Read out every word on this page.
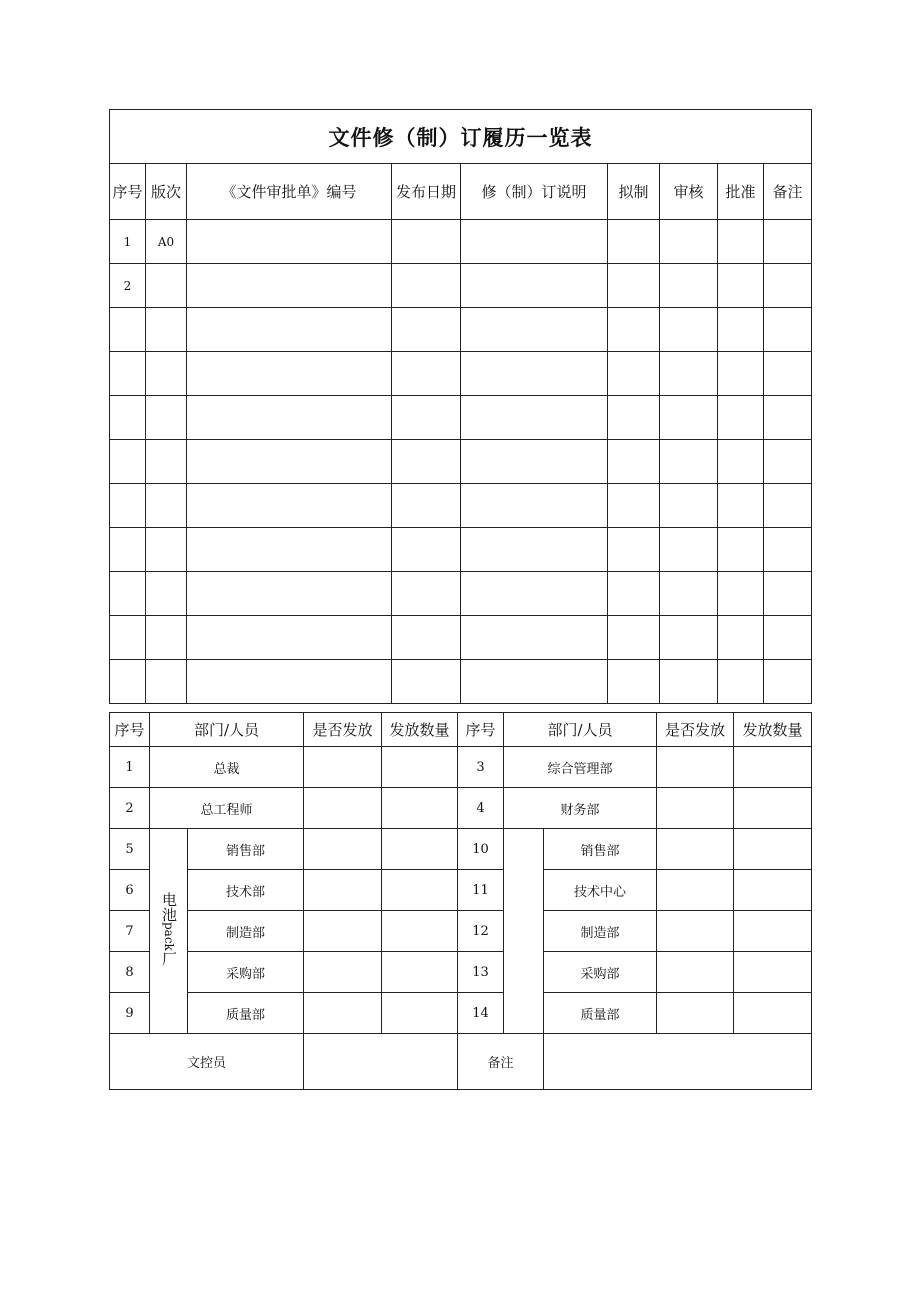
文件修（制）订履历一览表								
序号	版次	《文件审批单》编号	发布日期	修（制）订说明	拟制	审核	批准	备注
1	A0							
2								

序号	部门/人员		是否发放	发放数量	序号	部门/人员		是否发放	发放数量
1	总裁				3	综合管理部			
2	总工程师				4	财务部			
5	电池pack厂	销售部			10		销售部		
6		技术部			11		技术中心		
7		制造部			12		制造部		
8		采购部			13		采购部		
9		质量部			14		质量部		
文控员					备注				
